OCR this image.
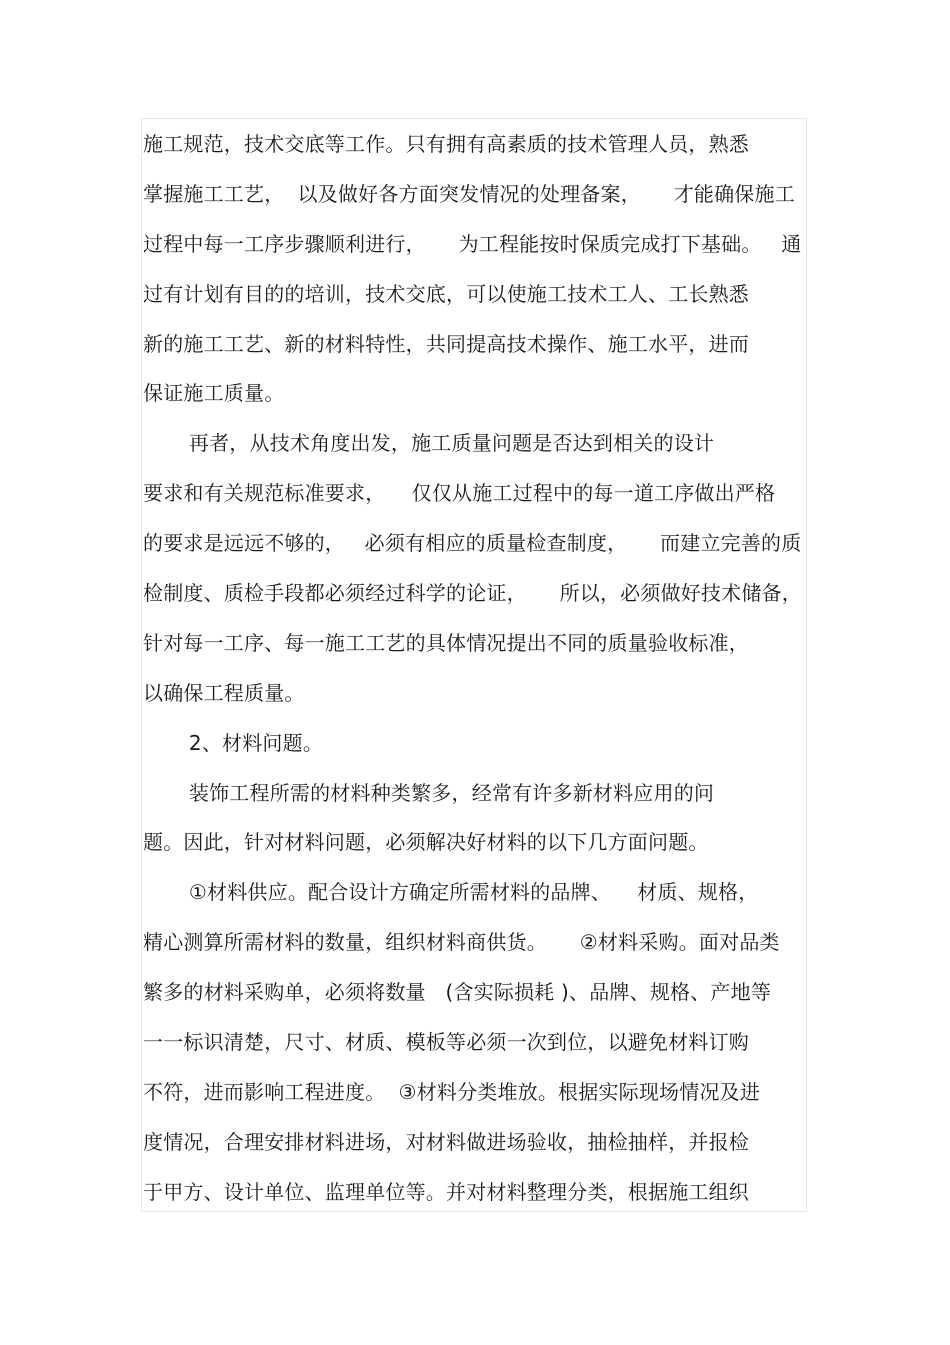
施工规范，技术交底等工作。只有拥有高素质的技术管理人员，熟悉
掌握施工工艺，  以及做好各方面突发情况的处理备案，     才能确保施工
过程中每一工序步骤顺利进行，     为工程能按时保质完成打下基础。   通
过有计划有目的的培训，技术交底，可以使施工技术工人、工长熟悉
新的施工工艺、新的材料特性，共同提高技术操作、施工水平，进而
保证施工质量。
再者，从技术角度出发，施工质量问题是否达到相关的设计
要求和有关规范标准要求，    仅仅从施工过程中的每一道工序做出严格
的要求是远远不够的，   必须有相应的质量检查制度，     而建立完善的质
检制度、质检手段都必须经过科学的论证，     所以，必须做好技术储备，
针对每一工序、每一施工工艺的具体情况提出不同的质量验收标准，
以确保工程质量。
2、材料问题。
装饰工程所需的材料种类繁多，经常有许多新材料应用的问
题。因此，针对材料问题，必须解决好材料的以下几方面问题。
①材料供应。配合设计方确定所需材料的品牌、    材质、规格，
精心测算所需材料的数量，组织材料商供货。     ②材料采购。面对品类
繁多的材料采购单，必须将数量   (含实际损耗 )、品牌、规格、产地等
一一标识清楚，尺寸、材质、模板等必须一次到位，以避免材料订购
不符，进而影响工程进度。  ③材料分类堆放。根据实际现场情况及进
度情况，合理安排材料进场，对材料做进场验收，抽检抽样，并报检
于甲方、设计单位、监理单位等。并对材料整理分类，根据施工组织
